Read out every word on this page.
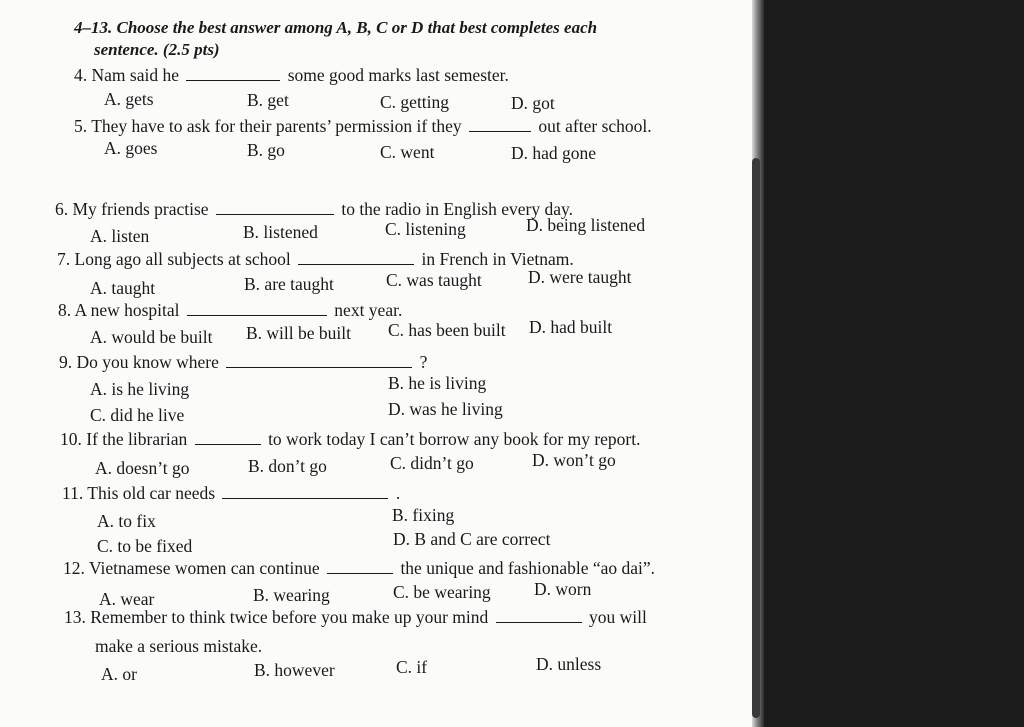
4–13. Choose the best answer among A, B, C or D that best completes each
sentence. (2.5 pts)
4. Nam said he	some good marks last semester.
A. gets	B. get	C. getting	D. got
5. They have to ask for their parents’ permission if they	out after school.
A. goes	B. go	C. went	D. had gone
6. My friends practise	to the radio in English every day.
A. listen	B. listened	C. listening	D. being listened
7. Long ago all subjects at school	in French in Vietnam.
A. taught	B. are taught	C. was taught	D. were taught
8. A new hospital	next year.
A. would be built B. will be built C. has been built D. had built
9. Do you know where	?
A. is he living	B. he is living
C. did he live	D. was he living
10. If the librarian	to work today I can’t borrow any book for my report.
A. doesn’t go	B. don’t go	C. didn’t go	D. won’t go
11. This old car needs	.
A. to fix	B. fixing
C. to be fixed	D. B and C are correct
12. Vietnamese women can continue	the unique and fashionable “ao dai”.
A. wear	B. wearing	C. be wearing D. worn
13. Remember to think twice before you make up your mind	you will
make a serious mistake.
A. or	B. however	C. if	D. unless
